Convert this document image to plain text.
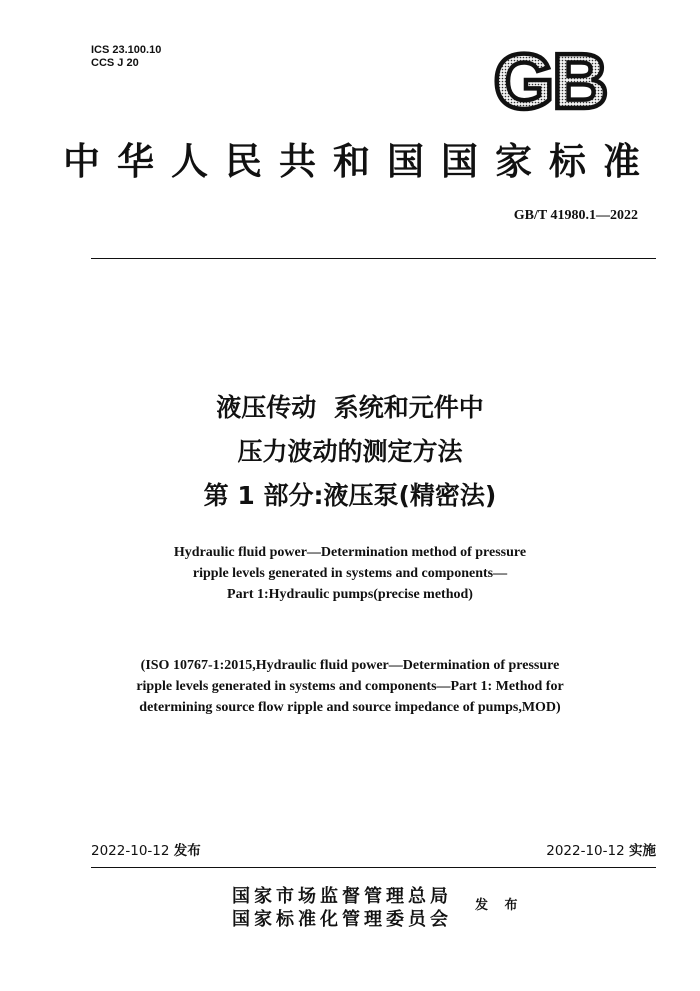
ICS 23.100.10
CCS J 20	GB
中华人民共和国国家标准
GB/T 41980.1—2022
液压传动  系统和元件中
压力波动的测定方法
第 1 部分:液压泵(精密法)
Hydraulic fluid power—Determination method of pressure
ripple levels generated in systems and components—
Part 1:Hydraulic pumps(precise method)
(ISO 10767-1:2015,Hydraulic fluid power—Determination of pressure
ripple levels generated in systems and components—Part 1: Method for
determining source flow ripple and source impedance of pumps,MOD)
2022-10-12 发布	2022-10-12 实施
国家市场监督管理总局
国家标准化管理委员会
发 布
